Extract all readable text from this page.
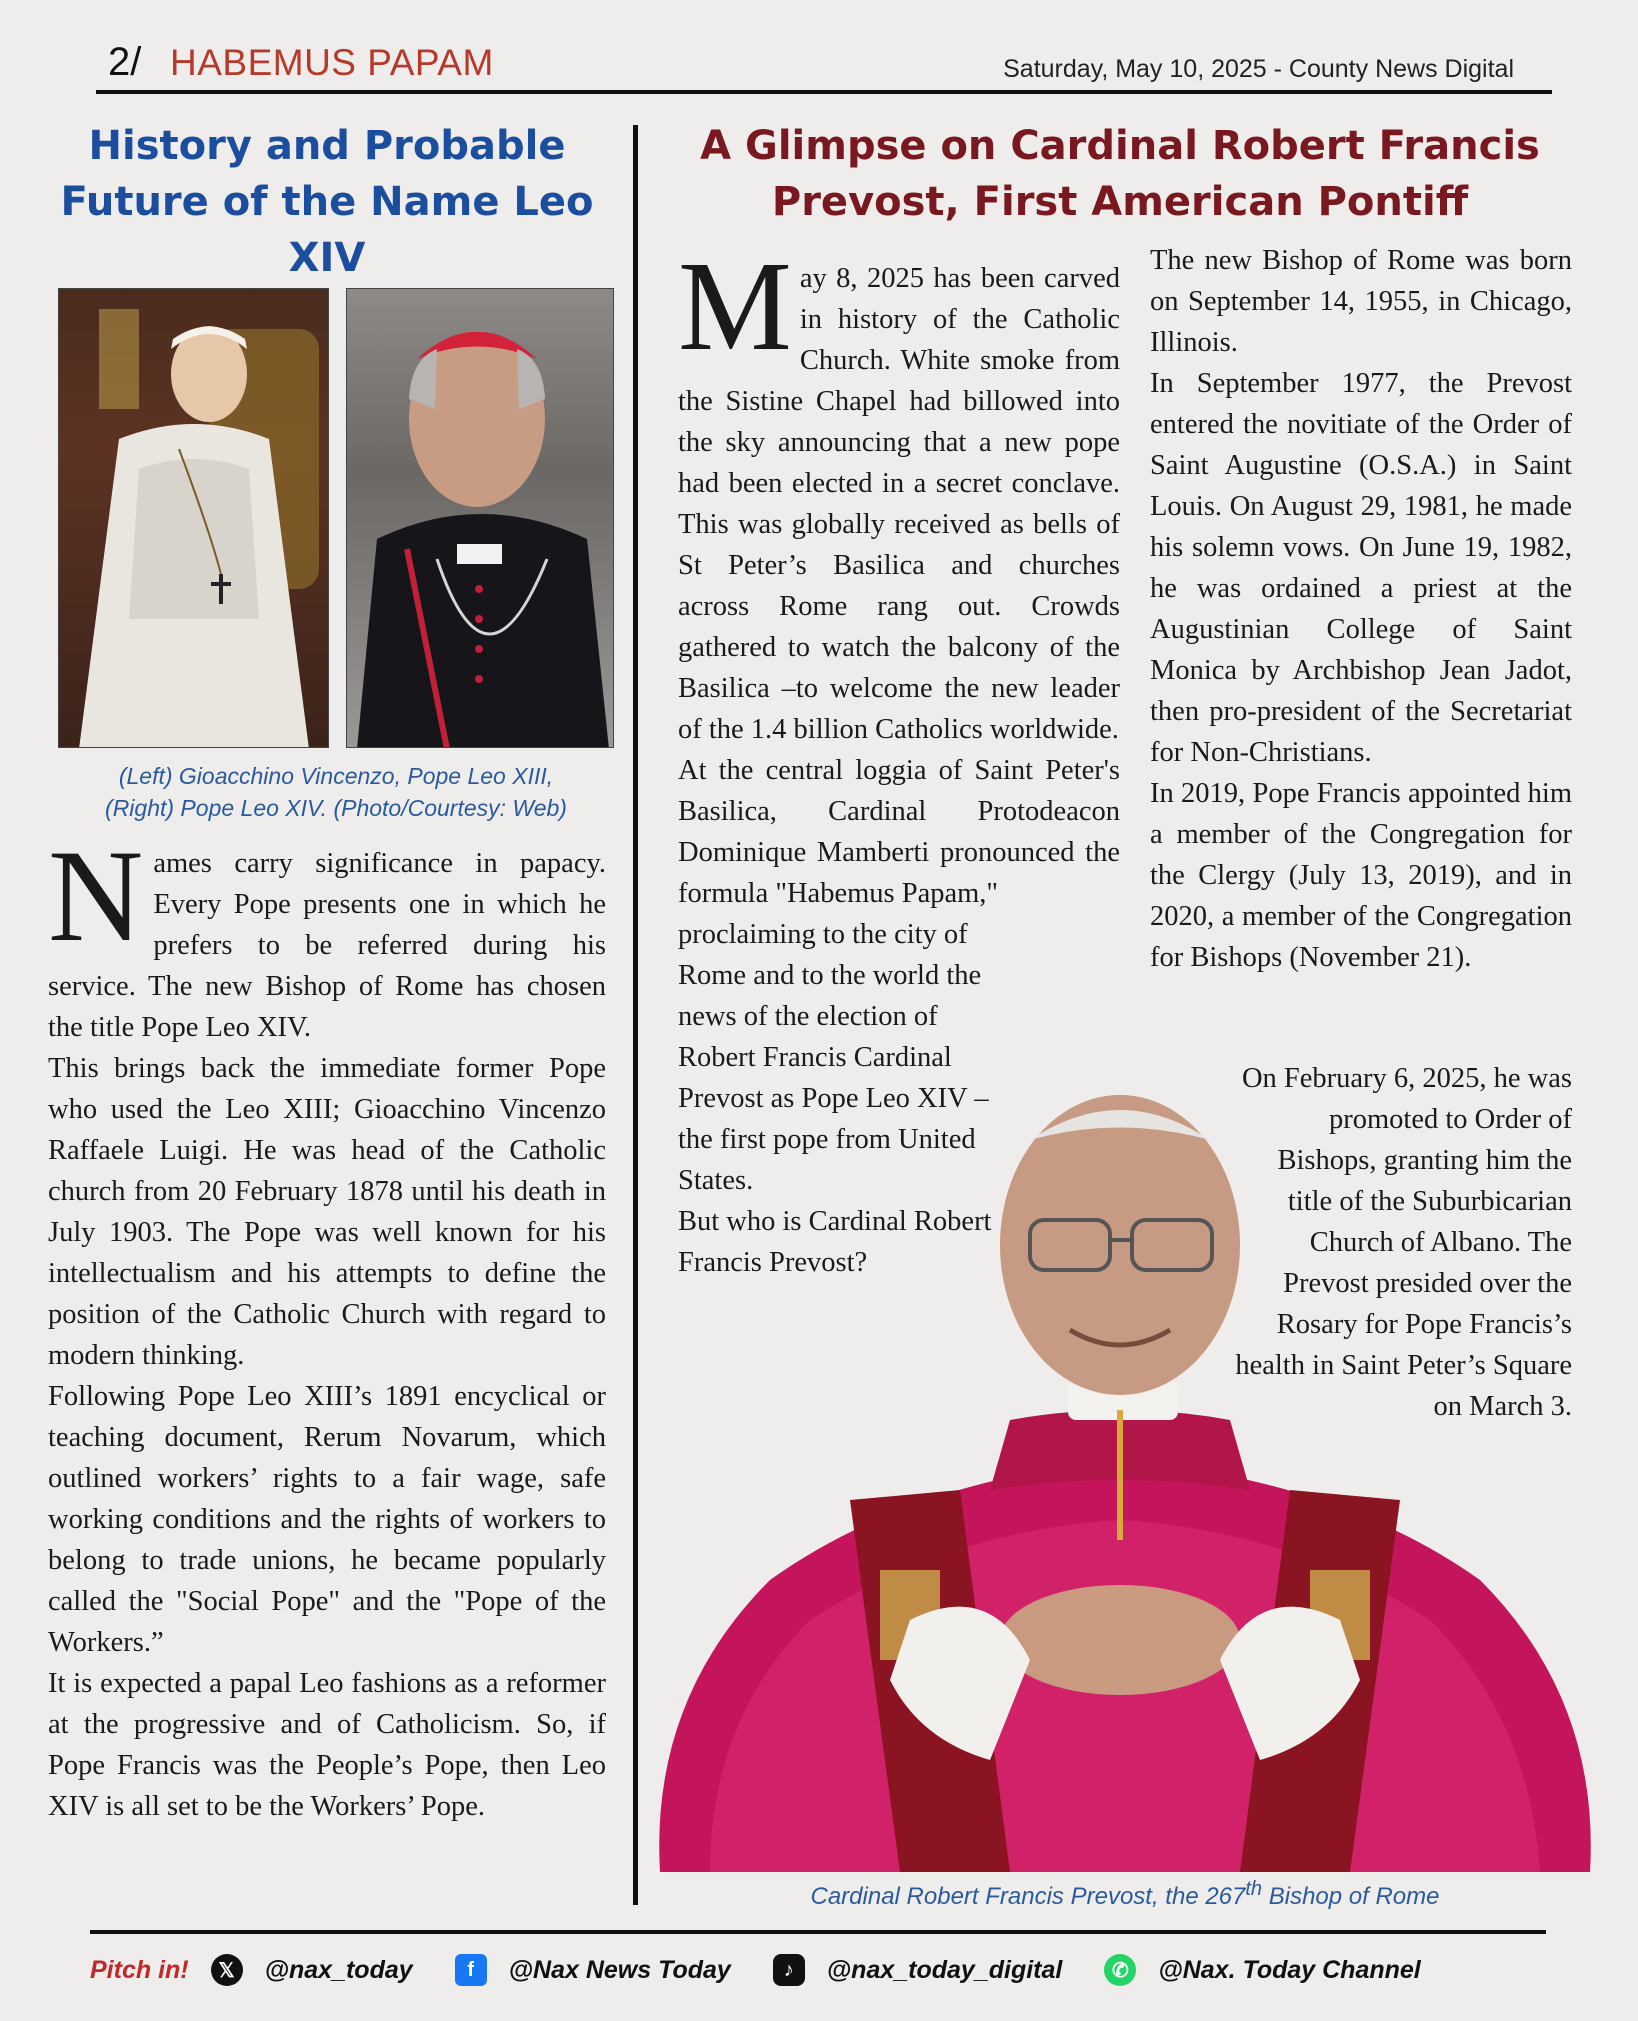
2/ HABEMUS PAPAM	Saturday, May 10, 2025 - County News Digital
History and Probable Future of the Name Leo XIV
(Left) Gioacchino Vincenzo, Pope Leo XIII,
(Right) Pope Leo XIV. (Photo/Courtesy: Web)

Names carry significance in papacy. Every Pope presents one in which he prefers to be referred during his service. The new Bishop of Rome has chosen the title Pope Leo XIV.

This brings back the immediate former Pope who used the Leo XIII; Gioacchino Vincenzo Raffaele Luigi. He was head of the Catholic church from 20 February 1878 until his death in July 1903. The Pope was well known for his intellectualism and his attempts to define the position of the Catholic Church with regard to modern thinking.

Following Pope Leo XIII’s 1891 encyclical or teaching document, Rerum Novarum, which outlined workers’ rights to a fair wage, safe working conditions and the rights of workers to belong to trade unions, he became popularly called the "Social Pope" and the "Pope of the Workers.”

It is expected a papal Leo fashions as a reformer at the progressive and of Catholicism. So, if Pope Francis was the People’s Pope, then Leo XIV is all set to be the Workers’ Pope.

A Glimpse on Cardinal Robert Francis Prevost, First American Pontiff

May 8, 2025 has been carved in history of the Catholic Church. White smoke from the Sistine Chapel had billowed into the sky announcing that a new pope had been elected in a secret conclave. This was globally received as bells of St Peter’s Basilica and churches across Rome rang out. Crowds gathered to watch the balcony of the Basilica –to welcome the new leader of the 1.4 billion Catholics worldwide.

At the central loggia of Saint Peter's Basilica, Cardinal Protodeacon Dominique Mamberti pronounced the formula "Habemus Papam,"

proclaiming to the city of Rome and to the world the news of the election of Robert Francis Cardinal Prevost as Pope Leo XIV –the first pope from United States.

But who is Cardinal Robert Francis Prevost?

The new Bishop of Rome was born on September 14, 1955, in Chicago, Illinois.

In September 1977, the Prevost entered the novitiate of the Order of Saint Augustine (O.S.A.) in Saint Louis. On August 29, 1981, he made his solemn vows. On June 19, 1982, he was ordained a priest at the Augustinian College of Saint Monica by Archbishop Jean Jadot, then pro-president of the Secretariat for Non-Christians.

In 2019, Pope Francis appointed him a member of the Congregation for the Clergy (July 13, 2019), and in 2020, a member of the Congregation for Bishops (November 21).

On February 6, 2025, he was promoted to Order of Bishops, granting him the title of the Suburbicarian Church of Albano. The Prevost presided over the Rosary for Pope Francis’s health in Saint Peter’s Square on March 3.

Cardinal Robert Francis Prevost, the 267th Bishop of Rome
Pitch in!	𝕏	@nax_today	f	@Nax News Today	♪	@nax_today_digital	✆	@Nax. Today Channel
